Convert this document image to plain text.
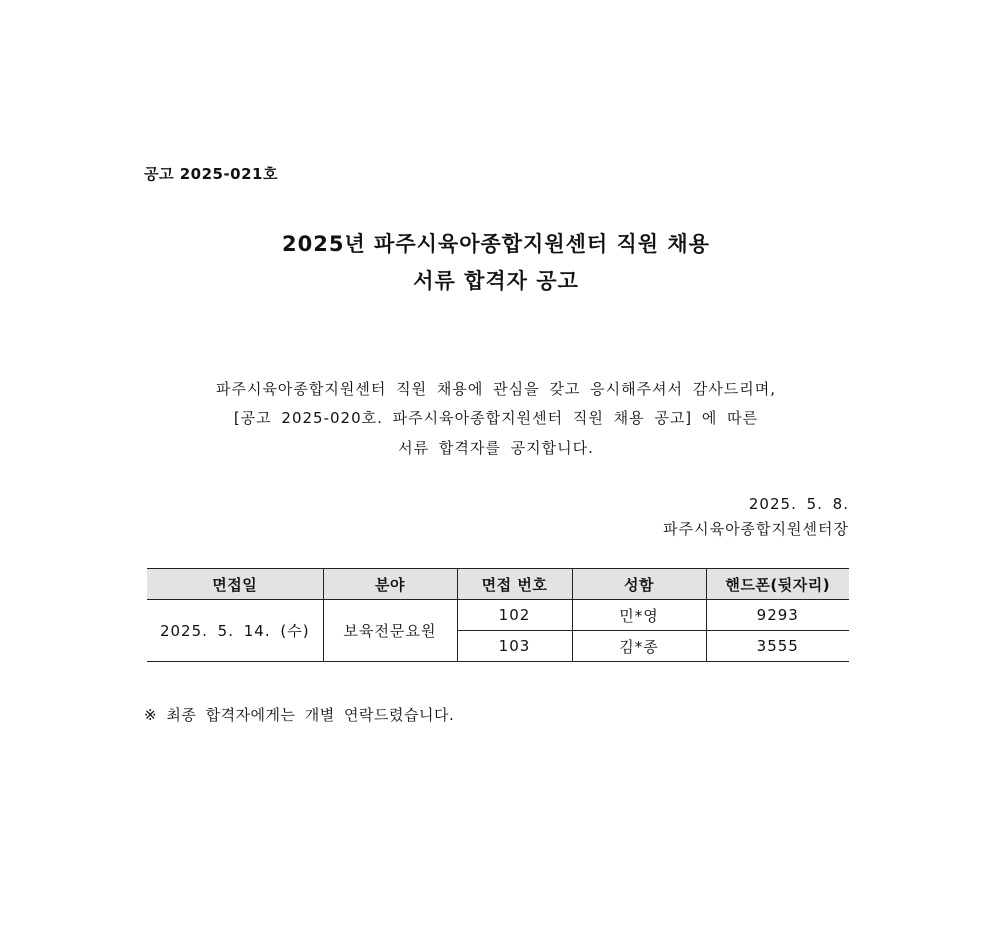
공고 2025-021호
2025년 파주시육아종합지원센터 직원 채용
서류 합격자 공고
파주시육아종합지원센터 직원 채용에 관심을 갖고 응시해주셔서 감사드리며,
[공고 2025-020호. 파주시육아종합지원센터 직원 채용 공고] 에 따른
서류 합격자를 공지합니다.
2025. 5. 8.
파주시육아종합지원센터장
면접일	분야	면접 번호	성함	핸드폰(뒷자리)
2025. 5. 14. (수)	보육전문요원	102	민*영	9293
		103	김*종	3555
※ 최종 합격자에게는 개별 연락드렸습니다.
